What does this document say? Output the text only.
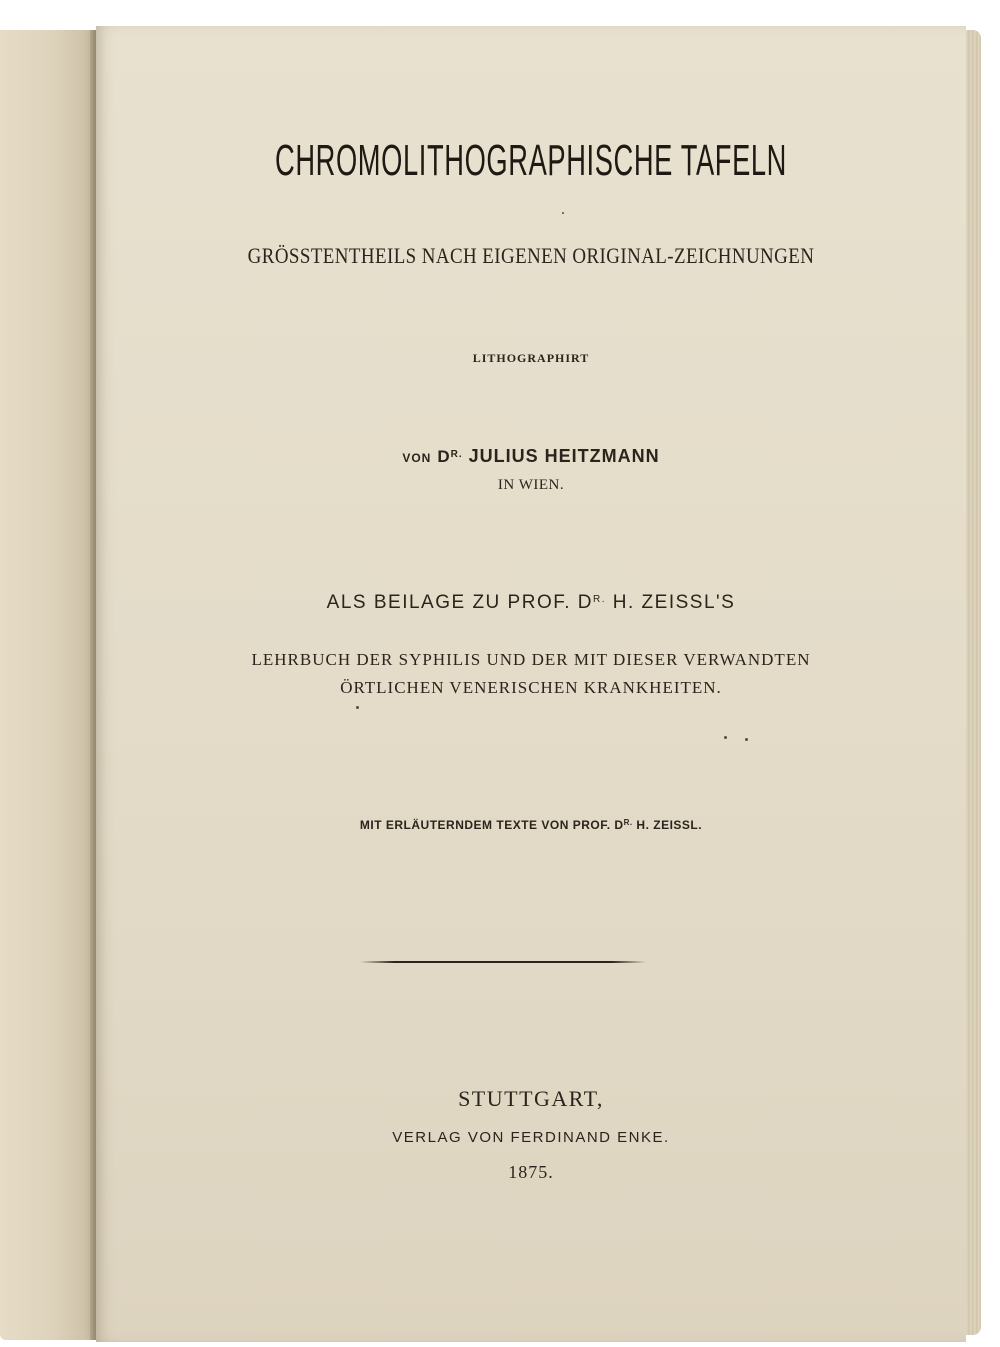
CHROMOLITHOGRAPHISCHE TAFELN
GRÖSSTENTHEILS NACH EIGENEN ORIGINAL-ZEICHNUNGEN
LITHOGRAPHIRT
VON $D^{R.}$ JULIUS HEITZMANN
IN WIEN.
ALS BEILAGE ZU PROF. $D^{R.}$ H. ZEISSL'S
LEHRBUCH DER SYPHILIS UND DER MIT DIESER VERWANDTEN
ÖRTLICHEN VENERISCHEN KRANKHEITEN.
MIT ERLÄUTERNDEM TEXTE VON PROF. $D^{R.}$ H. ZEISSL.
STUTTGART,
VERLAG VON FERDINAND ENKE.
1875.
